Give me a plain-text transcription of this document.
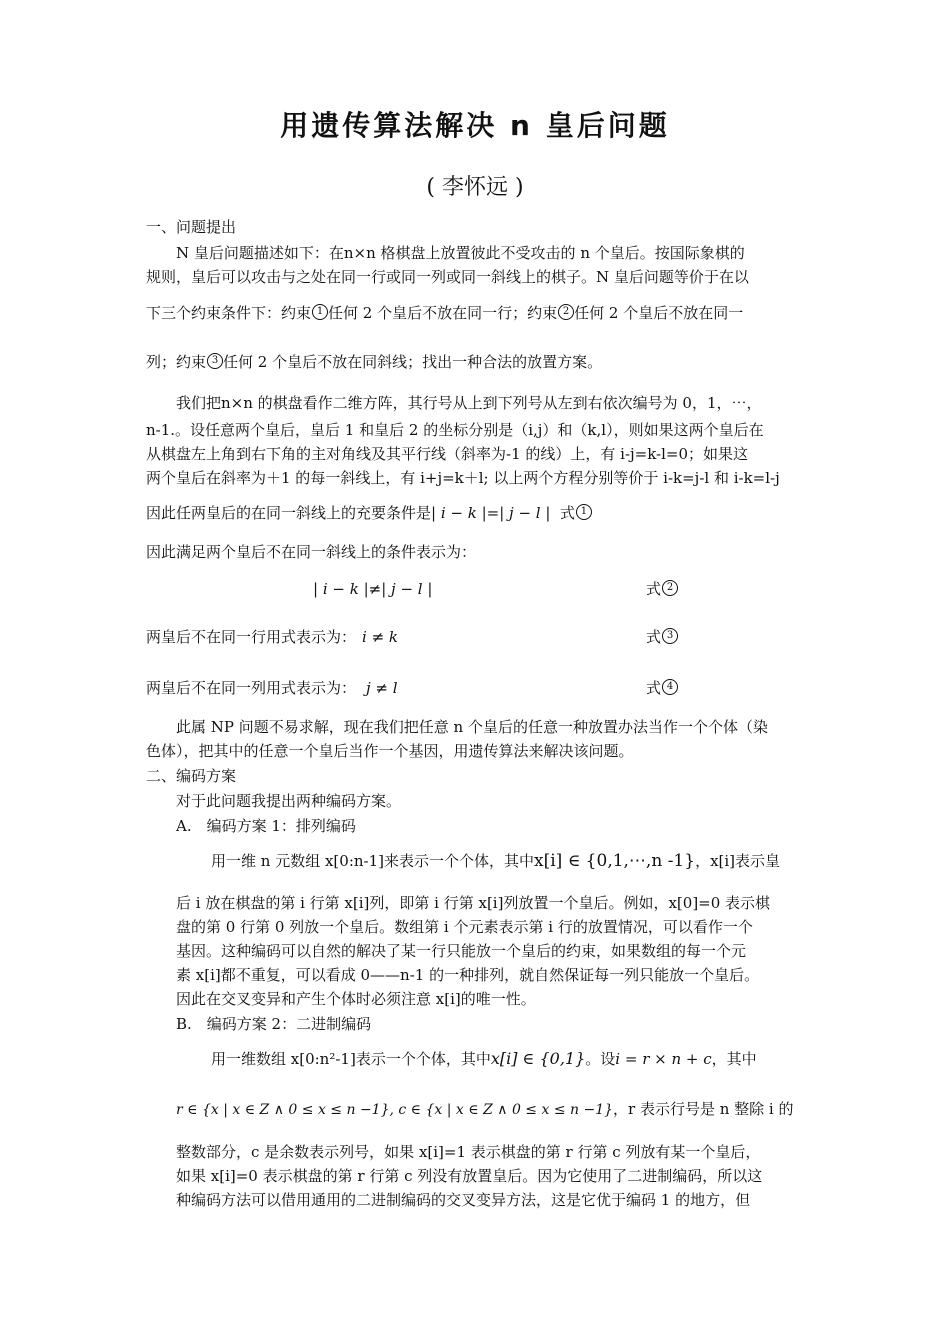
用遗传算法解决 n 皇后问题
( 李怀远 )
一、问题提出
N 皇后问题描述如下：在n×n 格棋盘上放置彼此不受攻击的 n 个皇后。按国际象棋的
规则，皇后可以攻击与之处在同一行或同一列或同一斜线上的棋子。N 皇后问题等价于在以
下三个约束条件下：约束 1 任何 2 个皇后不放在同一行；约束 2 任何 2 个皇后不放在同一
列；约束 3 任何 2 个皇后不放在同斜线；找出一种合法的放置方案。
我们把n×n 的棋盘看作二维方阵，其行号从上到下列号从左到右依次编号为 0，1，⋯，
n-1.。设任意两个皇后，皇后 1 和皇后 2 的坐标分别是（i,j）和（k,l），则如果这两个皇后在
从棋盘左上角到右下角的主对角线及其平行线（斜率为-1 的线）上，有 i-j=k-l=0；如果这
两个皇后在斜率为＋1 的每一斜线上，有 i+j=k＋l; 以上两个方程分别等价于 i-k=j-l 和 i-k=l-j
因此任两皇后的在同一斜线上的充要条件是| i − k |=| j − l | 式 1
因此满足两个皇后不在同一斜线上的条件表示为：
| i − k |≠| j − l |	式 2
两皇后不在同一行用式表示为： i ≠ k	式 3
两皇后不在同一列用式表示为： j ≠ l	式 4
此属 NP 问题不易求解，现在我们把任意 n 个皇后的任意一种放置办法当作一个个体（染
色体），把其中的任意一个皇后当作一个基因，用遗传算法来解决该问题。
二、编码方案
对于此问题我提出两种编码方案。
A.　编码方案 1：排列编码
用一维 n 元数组 x[0:n-1]来表示一个个体，其中x[i] ∈ {0,1,⋯,n -1}，x[i]表示皇
后 i 放在棋盘的第 i 行第 x[i]列，即第 i 行第 x[i]列放置一个皇后。例如，x[0]=0 表示棋
盘的第 0 行第 0 列放一个皇后。数组第 i 个元素表示第 i 行的放置情况，可以看作一个
基因。这种编码可以自然的解决了某一行只能放一个皇后的约束，如果数组的每一个元
素 x[i]都不重复，可以看成 0——n-1 的一种排列，就自然保证每一列只能放一个皇后。
因此在交叉变异和产生个体时必须注意 x[i]的唯一性。
B.　编码方案 2：二进制编码
用一维数组 x[0:n²-1]表示一个个体，其中x[i] ∈ {0,1}。设i = r × n + c，其中
r ∈ {x | x ∈ Z ∧ 0 ≤ x ≤ n −1}, c ∈ {x | x ∈ Z ∧ 0 ≤ x ≤ n −1}，r 表示行号是 n 整除 i 的
整数部分，c 是余数表示列号，如果 x[i]=1 表示棋盘的第 r 行第 c 列放有某一个皇后，
如果 x[i]=0 表示棋盘的第 r 行第 c 列没有放置皇后。因为它使用了二进制编码，所以这
种编码方法可以借用通用的二进制编码的交叉变异方法，这是它优于编码 1 的地方，但
